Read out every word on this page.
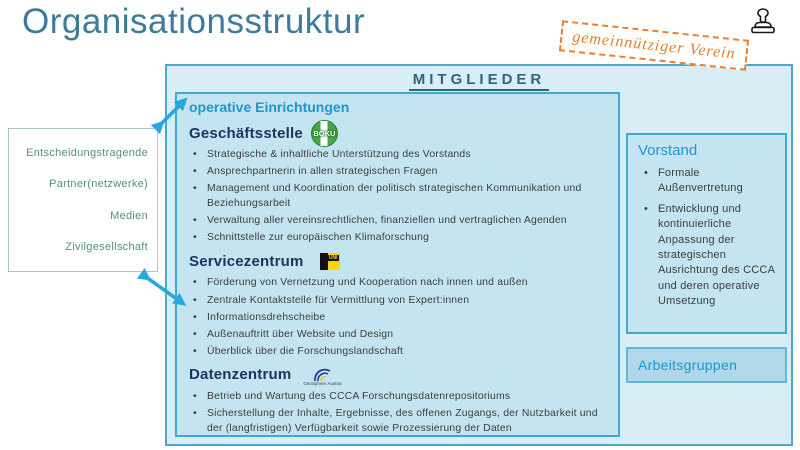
Organisationsstruktur
gemeinnütziger Verein
MITGLIEDER
operative Einrichtungen
Geschäftsstelle BOKU
• Strategische & inhaltliche Unterstützung des Vorstands
• Ansprechpartnerin in allen strategischen Fragen
• Management und Koordination der politisch strategischen Kommunikation und Beziehungsarbeit
• Verwaltung aller vereinsrechtlichen, finanziellen und vertraglichen Agenden
• Schnittstelle zur europäischen Klimaforschung
Servicezentrum	UNI
• Förderung von Vernetzung und Kooperation nach innen und außen
• Zentrale Kontaktstelle für Vermittlung von Expert:innen
• Informationsdrehscheibe
• Außenauftritt über Website und Design
• Überblick über die Forschungslandschaft
Datenzentrum
GeoSphere Austria
• Betrieb und Wartung des CCCA Forschungsdatenrepositoriums
• Sicherstellung der Inhalte, Ergebnisse, des offenen Zugangs, der Nutzbarkeit und der (langfristigen) Verfügbarkeit sowie Prozessierung der Daten
Vorstand
• Formale Außenvertretung
• Entwicklung und kontinuierliche Anpassung der strategischen Ausrichtung des CCCA und deren operative Umsetzung
Arbeitsgruppen
Entscheidungstragende
Partner(netzwerke)
Medien
Zivilgesellschaft
